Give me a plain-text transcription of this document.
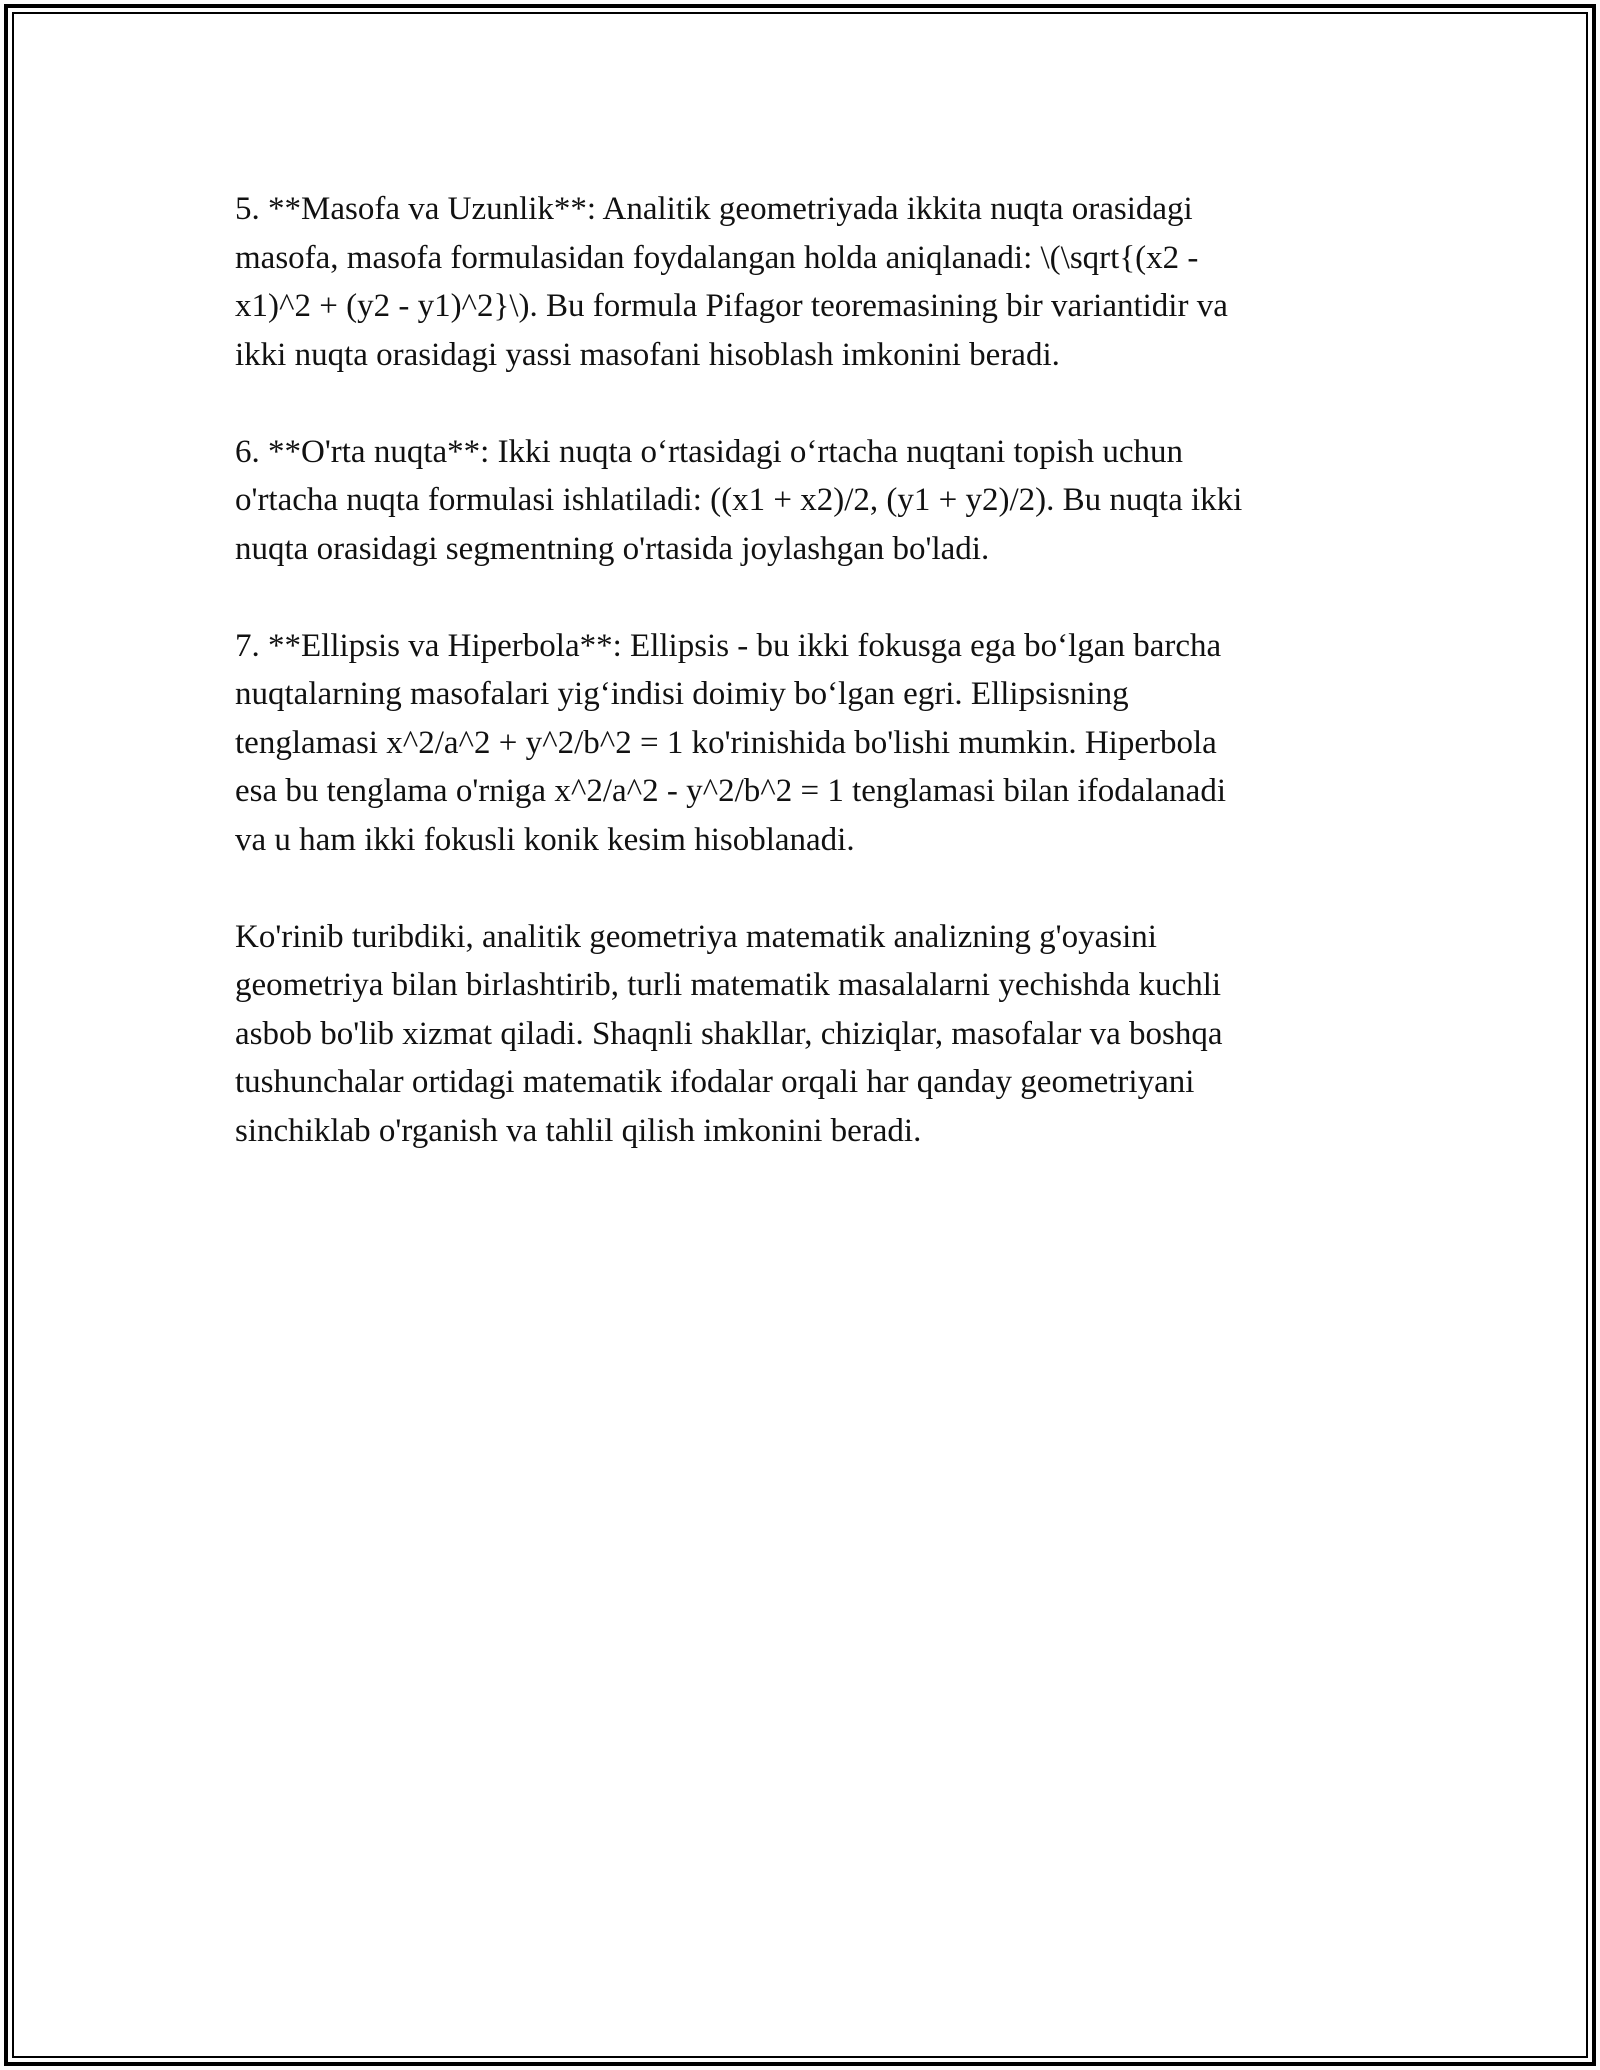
5. **Masofa va Uzunlik**: Analitik geometriyada ikkita nuqta orasidagi
masofa, masofa formulasidan foydalangan holda aniqlanadi: \(\sqrt{(x2 -
x1)^2 + (y2 - y1)^2}\). Bu formula Pifagor teoremasining bir variantidir va
ikki nuqta orasidagi yassi masofani hisoblash imkonini beradi.

6. **O'rta nuqta**: Ikki nuqta o‘rtasidagi o‘rtacha nuqtani topish uchun
o'rtacha nuqta formulasi ishlatiladi: ((x1 + x2)/2, (y1 + y2)/2). Bu nuqta ikki
nuqta orasidagi segmentning o'rtasida joylashgan bo'ladi.

7. **Ellipsis va Hiperbola**: Ellipsis - bu ikki fokusga ega bo‘lgan barcha
nuqtalarning masofalari yig‘indisi doimiy bo‘lgan egri. Ellipsisning
tenglamasi x^2/a^2 + y^2/b^2 = 1 ko'rinishida bo'lishi mumkin. Hiperbola
esa bu tenglama o'rniga x^2/a^2 - y^2/b^2 = 1 tenglamasi bilan ifodalanadi
va u ham ikki fokusli konik kesim hisoblanadi.

Ko'rinib turibdiki, analitik geometriya matematik analizning g'oyasini
geometriya bilan birlashtirib, turli matematik masalalarni yechishda kuchli
asbob bo'lib xizmat qiladi. Shaqnli shakllar, chiziqlar, masofalar va boshqa
tushunchalar ortidagi matematik ifodalar orqali har qanday geometriyani
sinchiklab o'rganish va tahlil qilish imkonini beradi.
